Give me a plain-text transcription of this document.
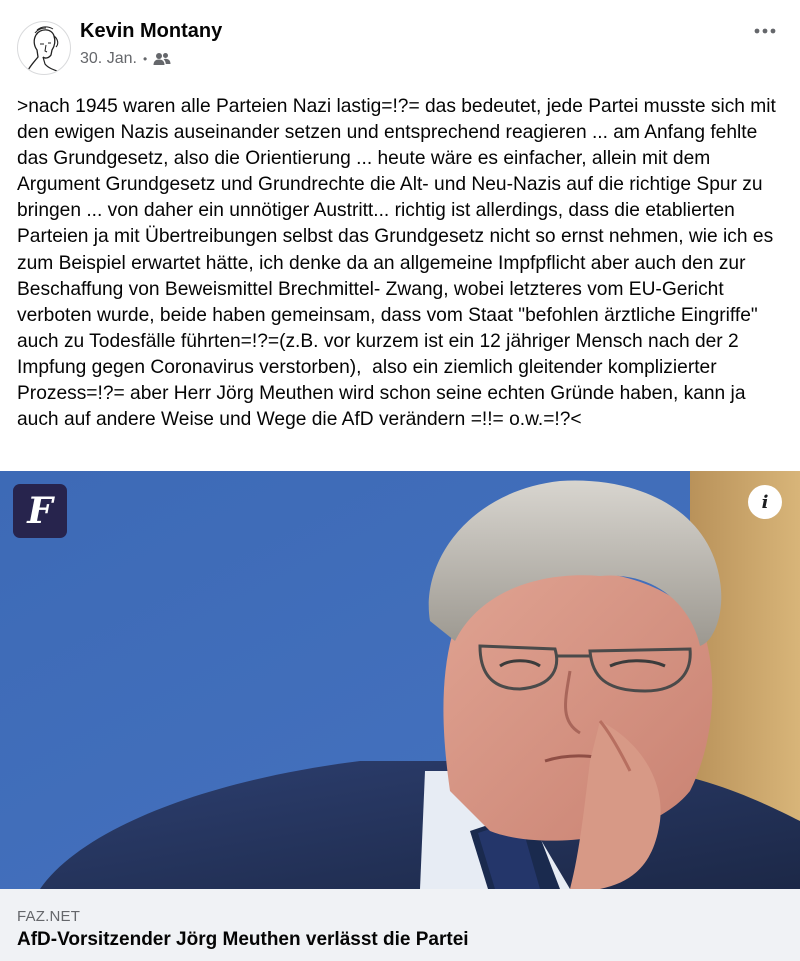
Kevin Montany
30. Jan. •
>nach 1945 waren alle Parteien Nazi lastig=!?= das bedeutet, jede Partei musste sich mit den ewigen Nazis auseinander setzen und entsprechend reagieren ... am Anfang fehlte das Grundgesetz, also die Orientierung ... heute wäre es einfacher, allein mit dem Argument Grundgesetz und Grundrechte die Alt- und Neu-Nazis auf die richtige Spur zu bringen ... von daher ein unnötiger Austritt... richtig ist allerdings, dass die etablierten Parteien ja mit Übertreibungen selbst das Grundgesetz nicht so ernst nehmen, wie ich es zum Beispiel erwartet hätte, ich denke da an allgemeine Impfpflicht aber auch den zur Beschaffung von Beweismittel Brechmittel- Zwang, wobei letzteres vom EU-Gericht verboten wurde, beide haben gemeinsam, dass vom Staat "befohlen ärztliche Eingriffe" auch zu Todesfälle führten=!?=(z.B. vor kurzem ist ein 12 jähriger Mensch nach der 2 Impfung gegen Coronavirus verstorben),  also ein ziemlich gleitender komplizierter Prozess=!?= aber Herr Jörg Meuthen wird schon seine echten Gründe haben, kann ja auch auf andere Weise und Wege die AfD verändern =!!= o.w.=!?<
F	i
FAZ.NET
AfD-Vorsitzender Jörg Meuthen verlässt die Partei
